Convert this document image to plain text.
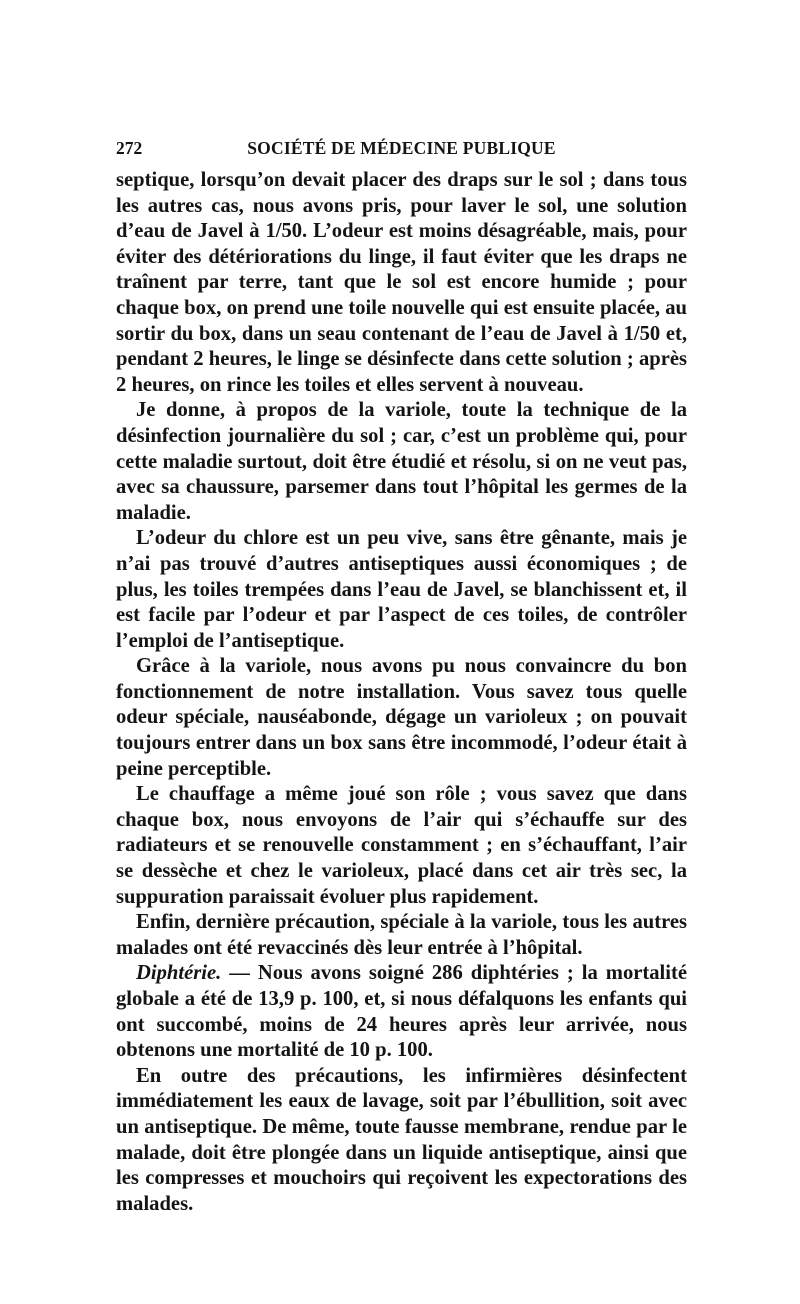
272	SOCIÉTÉ DE MÉDECINE PUBLIQUE

septique, lorsqu’on devait placer des draps sur le sol ; dans tous les autres cas, nous avons pris, pour laver le sol, une solution d’eau de Javel à 1/50. L’odeur est moins désagréable, mais, pour éviter des détériorations du linge, il faut éviter que les draps ne traînent par terre, tant que le sol est encore humide ; pour chaque box, on prend une toile nouvelle qui est ensuite placée, au sortir du box, dans un seau contenant de l’eau de Javel à 1/50 et, pendant 2 heures, le linge se désinfecte dans cette solution ; après 2 heures, on rince les toiles et elles servent à nouveau.

Je donne, à propos de la variole, toute la technique de la désinfection journalière du sol ; car, c’est un problème qui, pour cette maladie surtout, doit être étudié et résolu, si on ne veut pas, avec sa chaussure, parsemer dans tout l’hôpital les germes de la maladie.

L’odeur du chlore est un peu vive, sans être gênante, mais je n’ai pas trouvé d’autres antiseptiques aussi économiques ; de plus, les toiles trempées dans l’eau de Javel, se blanchissent et, il est facile par l’odeur et par l’aspect de ces toiles, de contrôler l’emploi de l’antiseptique.

Grâce à la variole, nous avons pu nous convaincre du bon fonctionnement de notre installation. Vous savez tous quelle odeur spéciale, nauséabonde, dégage un varioleux ; on pouvait toujours entrer dans un box sans être incommodé, l’odeur était à peine perceptible.

Le chauffage a même joué son rôle ; vous savez que dans chaque box, nous envoyons de l’air qui s’échauffe sur des radiateurs et se renouvelle constamment ; en s’échauffant, l’air se dessèche et chez le varioleux, placé dans cet air très sec, la suppuration paraissait évoluer plus rapidement.

Enfin, dernière précaution, spéciale à la variole, tous les autres malades ont été revaccinés dès leur entrée à l’hôpital.

Diphtérie. — Nous avons soigné 286 diphtéries ; la mortalité globale a été de 13,9 p. 100, et, si nous défalquons les enfants qui ont succombé, moins de 24 heures après leur arrivée, nous obtenons une mortalité de 10 p. 100.

En outre des précautions, les infirmières désinfectent immédiatement les eaux de lavage, soit par l’ébullition, soit avec un antiseptique. De même, toute fausse membrane, rendue par le malade, doit être plongée dans un liquide antiseptique, ainsi que les compresses et mouchoirs qui reçoivent les expectorations des malades.
